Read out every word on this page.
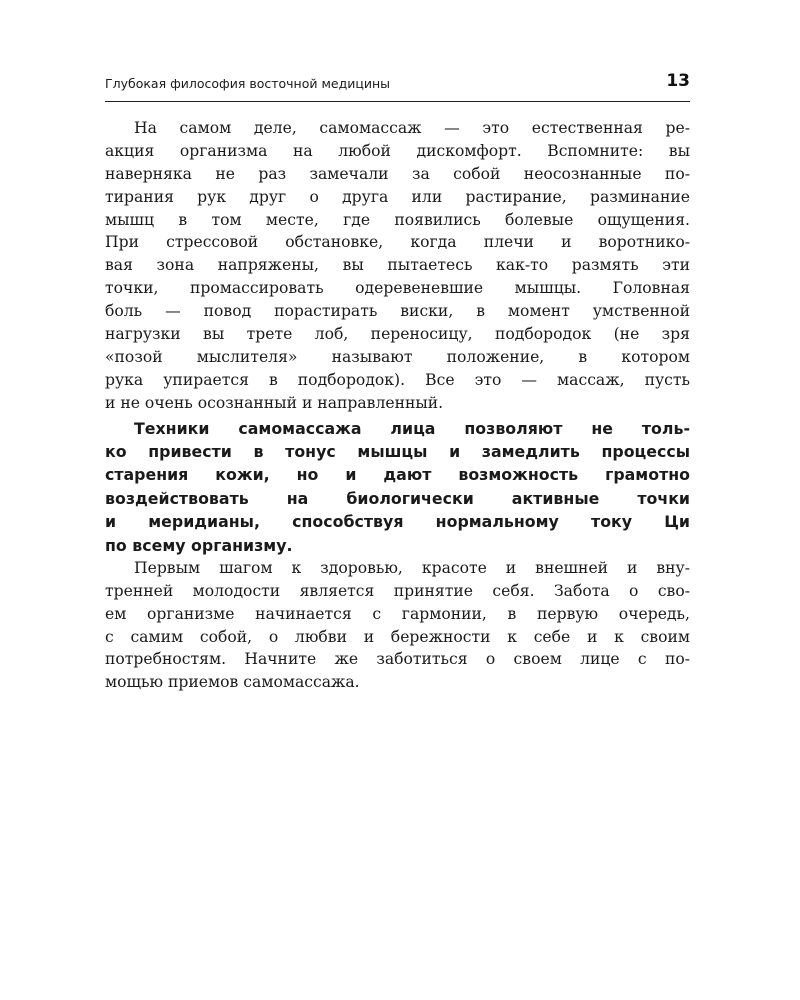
Глубокая философия восточной медицины	13

На самом деле, самомассаж — это естественная ре-
акция организма на любой дискомфорт. Вспомните: вы
наверняка не раз замечали за собой неосознанные по-
тирания рук друг о друга или растирание, разминание
мышц в том месте, где появились болевые ощущения.
При стрессовой обстановке, когда плечи и воротнико-
вая зона напряжены, вы пытаетесь как-то размять эти
точки, промассировать одеревеневшие мышцы. Головная
боль — повод порастирать виски, в момент умственной
нагрузки вы трете лоб, переносицу, подбородок (не зря
«позой мыслителя» называют положение, в котором
рука упирается в подбородок). Все это — массаж, пусть
и не очень осознанный и направленный.

Техники самомассажа лица позволяют не толь-
ко привести в тонус мышцы и замедлить процессы
старения кожи, но и дают возможность грамотно
воздействовать на биологически активные точки
и меридианы, способствуя нормальному току Ци
по всему организму.

Первым шагом к здоровью, красоте и внешней и вну-
тренней молодости является принятие себя. Забота о сво-
ем организме начинается с гармонии, в первую очередь,
с самим собой, о любви и бережности к себе и к своим
потребностям. Начните же заботиться о своем лице с по-
мощью приемов самомассажа.
